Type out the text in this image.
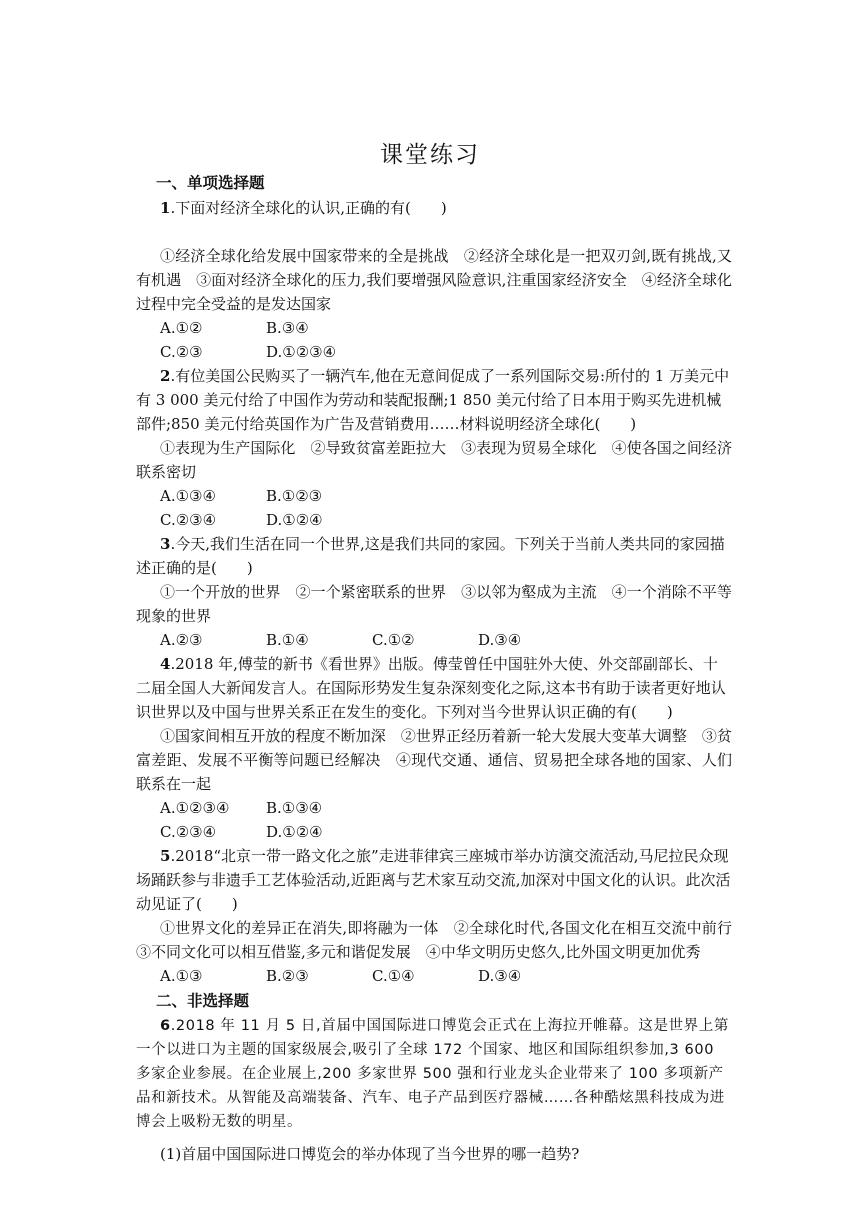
课堂练习
一、单项选择题

1.下面对经济全球化的认识,正确的有(　　)

①经济全球化给发展中国家带来的全是挑战　②经济全球化是一把双刃剑,既有挑战,又有机遇　③面对经济全球化的压力,我们要增强风险意识,注重国家经济安全　④经济全球化过程中完全受益的是发达国家

A.①②	B.③④
C.②③	D.①②③④

2.有位美国公民购买了一辆汽车,他在无意间促成了一系列国际交易:所付的 1 万美元中有 3 000 美元付给了中国作为劳动和装配报酬;1 850 美元付给了日本用于购买先进机械部件;850 美元付给英国作为广告及营销费用……材料说明经济全球化(　　)

①表现为生产国际化　②导致贫富差距拉大　③表现为贸易全球化　④使各国之间经济联系密切

A.①③④	B.①②③
C.②③④	D.①②④

3.今天,我们生活在同一个世界,这是我们共同的家园。下列关于当前人类共同的家园描述正确的是(　　)

①一个开放的世界　②一个紧密联系的世界　③以邻为壑成为主流　④一个消除不平等现象的世界

A.②③	B.①④	C.①②	D.③④

4.2018 年,傅莹的新书《看世界》出版。傅莹曾任中国驻外大使、外交部副部长、十二届全国人大新闻发言人。在国际形势发生复杂深刻变化之际,这本书有助于读者更好地认识世界以及中国与世界关系正在发生的变化。下列对当今世界认识正确的有(　　)

①国家间相互开放的程度不断加深　②世界正经历着新一轮大发展大变革大调整　③贫富差距、发展不平衡等问题已经解决　④现代交通、通信、贸易把全球各地的国家、人们联系在一起

A.①②③④	B.①③④
C.②③④	D.①②④

5.2018“北京一带一路文化之旅”走进菲律宾三座城市举办访演交流活动,马尼拉民众现场踊跃参与非遗手工艺体验活动,近距离与艺术家互动交流,加深对中国文化的认识。此次活动见证了(　　)

①世界文化的差异正在消失,即将融为一体　②全球化时代,各国文化在相互交流中前行　③不同文化可以相互借鉴,多元和谐促发展　④中华文明历史悠久,比外国文明更加优秀

A.①③	B.②③	C.①④	D.③④
二、非选择题

6.2018 年 11 月 5 日,首届中国国际进口博览会正式在上海拉开帷幕。这是世界上第一个以进口为主题的国家级展会,吸引了全球 172 个国家、地区和国际组织参加,3 600 多家企业参展。在企业展上,200 多家世界 500 强和行业龙头企业带来了 100 多项新产品和新技术。从智能及高端装备、汽车、电子产品到医疗器械……各种酷炫黑科技成为进博会上吸粉无数的明星。

(1)首届中国国际进口博览会的举办体现了当今世界的哪一趋势?
